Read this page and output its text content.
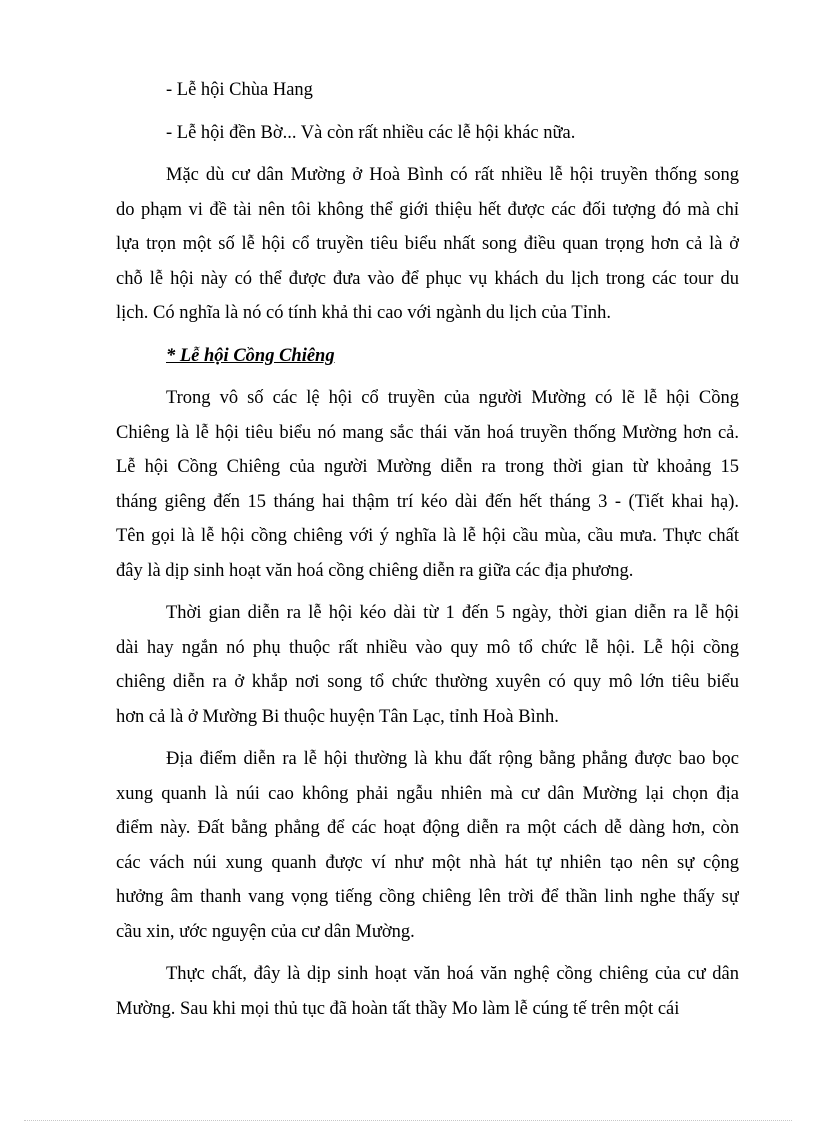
- Lễ hội Chùa Hang
- Lễ hội đền Bờ... Và còn rất nhiều các lễ hội khác nữa.
Mặc dù cư dân Mường ở Hoà Bình có rất nhiều lễ hội truyền thống song
do phạm vi đề tài nên tôi không thể giới thiệu hết được các đối tượng đó mà chỉ
lựa trọn một số lễ hội cổ truyền tiêu biểu nhất song điều quan trọng hơn cả là ở
chỗ lễ hội này có thể được đưa vào để phục vụ khách du lịch trong các tour du
lịch. Có nghĩa là nó có tính khả thi cao với ngành du lịch của Tỉnh.
* Lễ hội Cồng Chiêng
Trong vô số các lệ hội cổ truyền của người Mường có lẽ lễ hội Cồng
Chiêng là lễ hội tiêu biểu nó mang sắc thái văn hoá truyền thống Mường hơn cả.
Lễ hội Cồng Chiêng của người Mường diễn ra trong thời gian từ khoảng 15
tháng giêng đến 15 tháng hai thậm trí kéo dài đến hết tháng 3 - (Tiết khai hạ).
Tên gọi là lễ hội cồng chiêng với ý nghĩa là lễ hội cầu mùa, cầu mưa. Thực chất
đây là dịp sinh hoạt văn hoá cồng chiêng diễn ra giữa các địa phương.
Thời gian diễn ra lễ hội kéo dài từ 1 đến 5 ngày, thời gian diễn ra lễ hội
dài hay ngắn nó phụ thuộc rất nhiều vào quy mô tổ chức lễ hội. Lễ hội cồng
chiêng diễn ra ở khắp nơi song tổ chức thường xuyên có quy mô lớn tiêu biểu
hơn cả là ở Mường Bi thuộc huyện Tân Lạc, tỉnh Hoà Bình.
Địa điểm diễn ra lễ hội thường là khu đất rộng bằng phẳng được bao bọc
xung quanh là núi cao không phải ngẫu nhiên mà cư dân Mường lại chọn địa
điểm này. Đất bằng phẳng để các hoạt động diễn ra một cách dễ dàng hơn, còn
các vách núi xung quanh được ví như một nhà hát tự nhiên tạo nên sự cộng
hưởng âm thanh vang vọng tiếng cồng chiêng lên trời để thần linh nghe thấy sự
cầu xin, ước nguyện của cư dân Mường.
Thực chất, đây là dịp sinh hoạt văn hoá văn nghệ cồng chiêng của cư dân
Mường. Sau khi mọi thủ tục đã hoàn tất thầy Mo làm lễ cúng tế trên một cái
